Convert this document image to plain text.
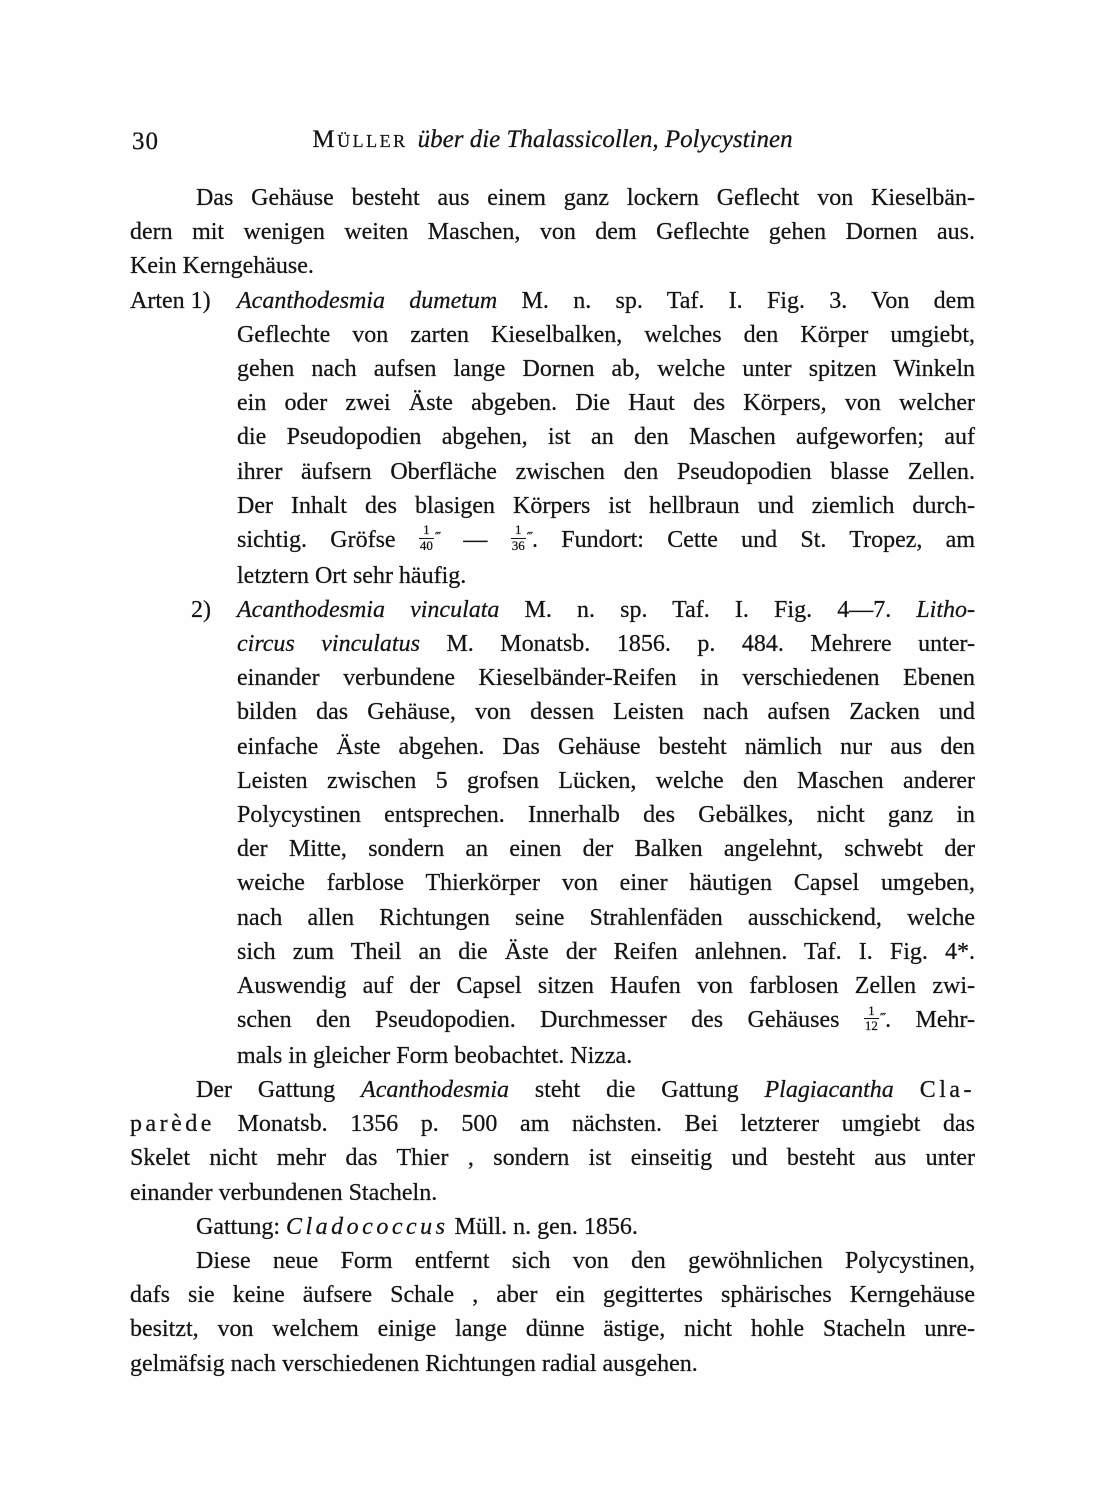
30	Müller über die Thalassicollen, Polycystinen
Das Gehäuse besteht aus einem ganz lockern Geflecht von Kieselbän-
dern mit wenigen weiten Maschen, von dem Geflechte gehen Dornen aus.
Kein Kerngehäuse.
Arten 1) Acanthodesmia dumetum M. n. sp. Taf. I. Fig. 3. Von dem
Geflechte von zarten Kieselbalken, welches den Körper umgiebt,
gehen nach aufsen lange Dornen ab, welche unter spitzen Winkeln
ein oder zwei Äste abgeben. Die Haut des Körpers, von welcher
die Pseudopodien abgehen, ist an den Maschen aufgeworfen; auf
ihrer äufsern Oberfläche zwischen den Pseudopodien blasse Zellen.
Der Inhalt des blasigen Körpers ist hellbraun und ziemlich durch-
sichtig. Gröfse $\frac{1}{40}$ ‴ — $\frac{1}{36}$ ‴ . Fundort: Cette und St. Tropez, am
letztern Ort sehr häufig.
2) Acanthodesmia vinculata M. n. sp. Taf. I. Fig. 4—7. Litho-
circus vinculatus M. Monatsb. 1856. p. 484. Mehrere unter-
einander verbundene Kieselbänder-Reifen in verschiedenen Ebenen
bilden das Gehäuse, von dessen Leisten nach aufsen Zacken und
einfache Äste abgehen. Das Gehäuse besteht nämlich nur aus den
Leisten zwischen 5 grofsen Lücken, welche den Maschen anderer
Polycystinen entsprechen. Innerhalb des Gebälkes, nicht ganz in
der Mitte, sondern an einen der Balken angelehnt, schwebt der
weiche farblose Thierkörper von einer häutigen Capsel umgeben,
nach allen Richtungen seine Strahlenfäden ausschickend, welche
sich zum Theil an die Äste der Reifen anlehnen. Taf. I. Fig. 4*.
Auswendig auf der Capsel sitzen Haufen von farblosen Zellen zwi-
schen den Pseudopodien. Durchmesser des Gehäuses $\frac{1}{12}$ ‴ . Mehr-
mals in gleicher Form beobachtet. Nizza.
Der Gattung Acanthodesmia steht die Gattung Plagiacantha Cla-
parède Monatsb. 1356 p. 500 am nächsten. Bei letzterer umgiebt das
Skelet nicht mehr das Thier , sondern ist einseitig und besteht aus unter
einander verbundenen Stacheln.
Gattung: Cladococcus Müll. n. gen. 1856.
Diese neue Form entfernt sich von den gewöhnlichen Polycystinen,
dafs sie keine äufsere Schale , aber ein gegittertes sphärisches Kerngehäuse
besitzt, von welchem einige lange dünne ästige, nicht hohle Stacheln unre-
gelmäfsig nach verschiedenen Richtungen radial ausgehen.
